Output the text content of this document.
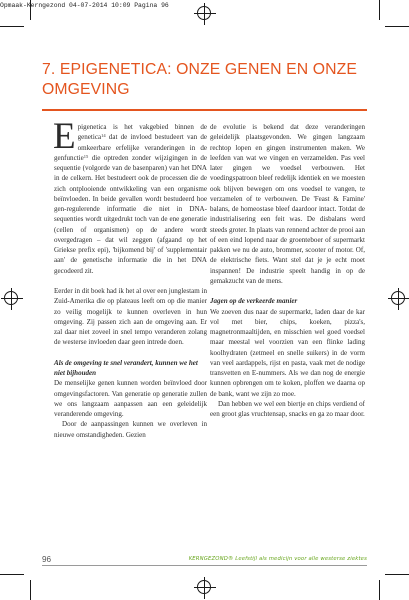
Opmaak-Kerngezond 04-07-2014 10:09 Pagina 96
7. EPIGENETICA: ONZE GENEN EN ONZE
OMGEVING

Epigenetica is het vakgebied binnen de genetica$^{14}$ dat de invloed bestudeert van de omkeerbare erfelijke veranderingen in de genfunctie$^{15}$ die optreden zonder wijzigingen in de sequentie (volgorde van de basenparen) van het DNA in de celkern. Het bestudeert ook de processen die de zich ontplooiende ontwikkeling van een organisme beïnvloeden. In beide gevallen wordt bestudeerd hoe gen-regulerende informatie die niet in DNA-sequenties wordt uitgedrukt toch van de ene generatie (cellen of organismen) op de andere wordt overgedragen – dat wil zeggen (afgaand op het Griekse prefix epi), 'bijkomend bij' of 'supplementair aan' de genetische informatie die in het DNA gecodeerd zit.

Eerder in dit boek had ik het al over een junglestam in Zuid-Amerika die op plateaus leeft om op die manier zo veilig mogelijk te kunnen overleven in hun omgeving. Zij passen zich aan de omgeving aan. Er zal daar niet zoveel in snel tempo veranderen zolang de westerse invloeden daar geen intrede doen.

Als de omgeving te snel verandert, kunnen we het niet bijhouden

De menselijke genen kunnen worden beïnvloed door omgevingsfactoren. Van generatie op generatie zullen we ons langzaam aanpassen aan een geleidelijk veranderende omgeving.

Door de aanpassingen kunnen we overleven in nieuwe omstandigheden. Gezien

de evolutie is bekend dat deze veranderingen geleidelijk plaatsgevonden. We gingen langzaam rechtop lopen en gingen instrumenten maken. We leefden van wat we vingen en verzamelden. Pas veel later gingen we voedsel verbouwen. Het voedingspatroon bleef redelijk identiek en we moesten ook blijven bewegen om ons voedsel te vangen, te verzamelen of te verbouwen. De 'Feast & Famine' balans, de homeostase bleef daardoor intact. Totdat de industrialisering een feit was. De disbalans werd steeds groter. In plaats van rennend achter de prooi aan of een eind lopend naar de groenteboer of supermarkt pakken we nu de auto, brommer, scooter of motor. Of, de elektrische fiets. Want stel dat je je echt moet inspannen! De industrie speelt handig in op de gemakzucht van de mens.

Jagen op de verkeerde manier

We zoeven dus naar de supermarkt, laden daar de kar vol met bier, chips, koeken, pizza's, magnetronmaaltijden, en misschien wel goed voedsel maar meestal wel voorzien van een flinke lading koolhydraten (zetmeel en snelle suikers) in de vorm van veel aardappels, rijst en pasta, vaak met de nodige transvetten en E-nummers. Als we dan nog de energie kunnen opbrengen om te koken, ploffen we daarna op de bank, want we zijn zo moe.

Dan hebben we wel een biertje en chips verdiend of een groot glas vruchtensap, snacks en ga zo maar door.

96	KERNGEZOND® Leefstijl als medicijn voor alle westerse ziektes
